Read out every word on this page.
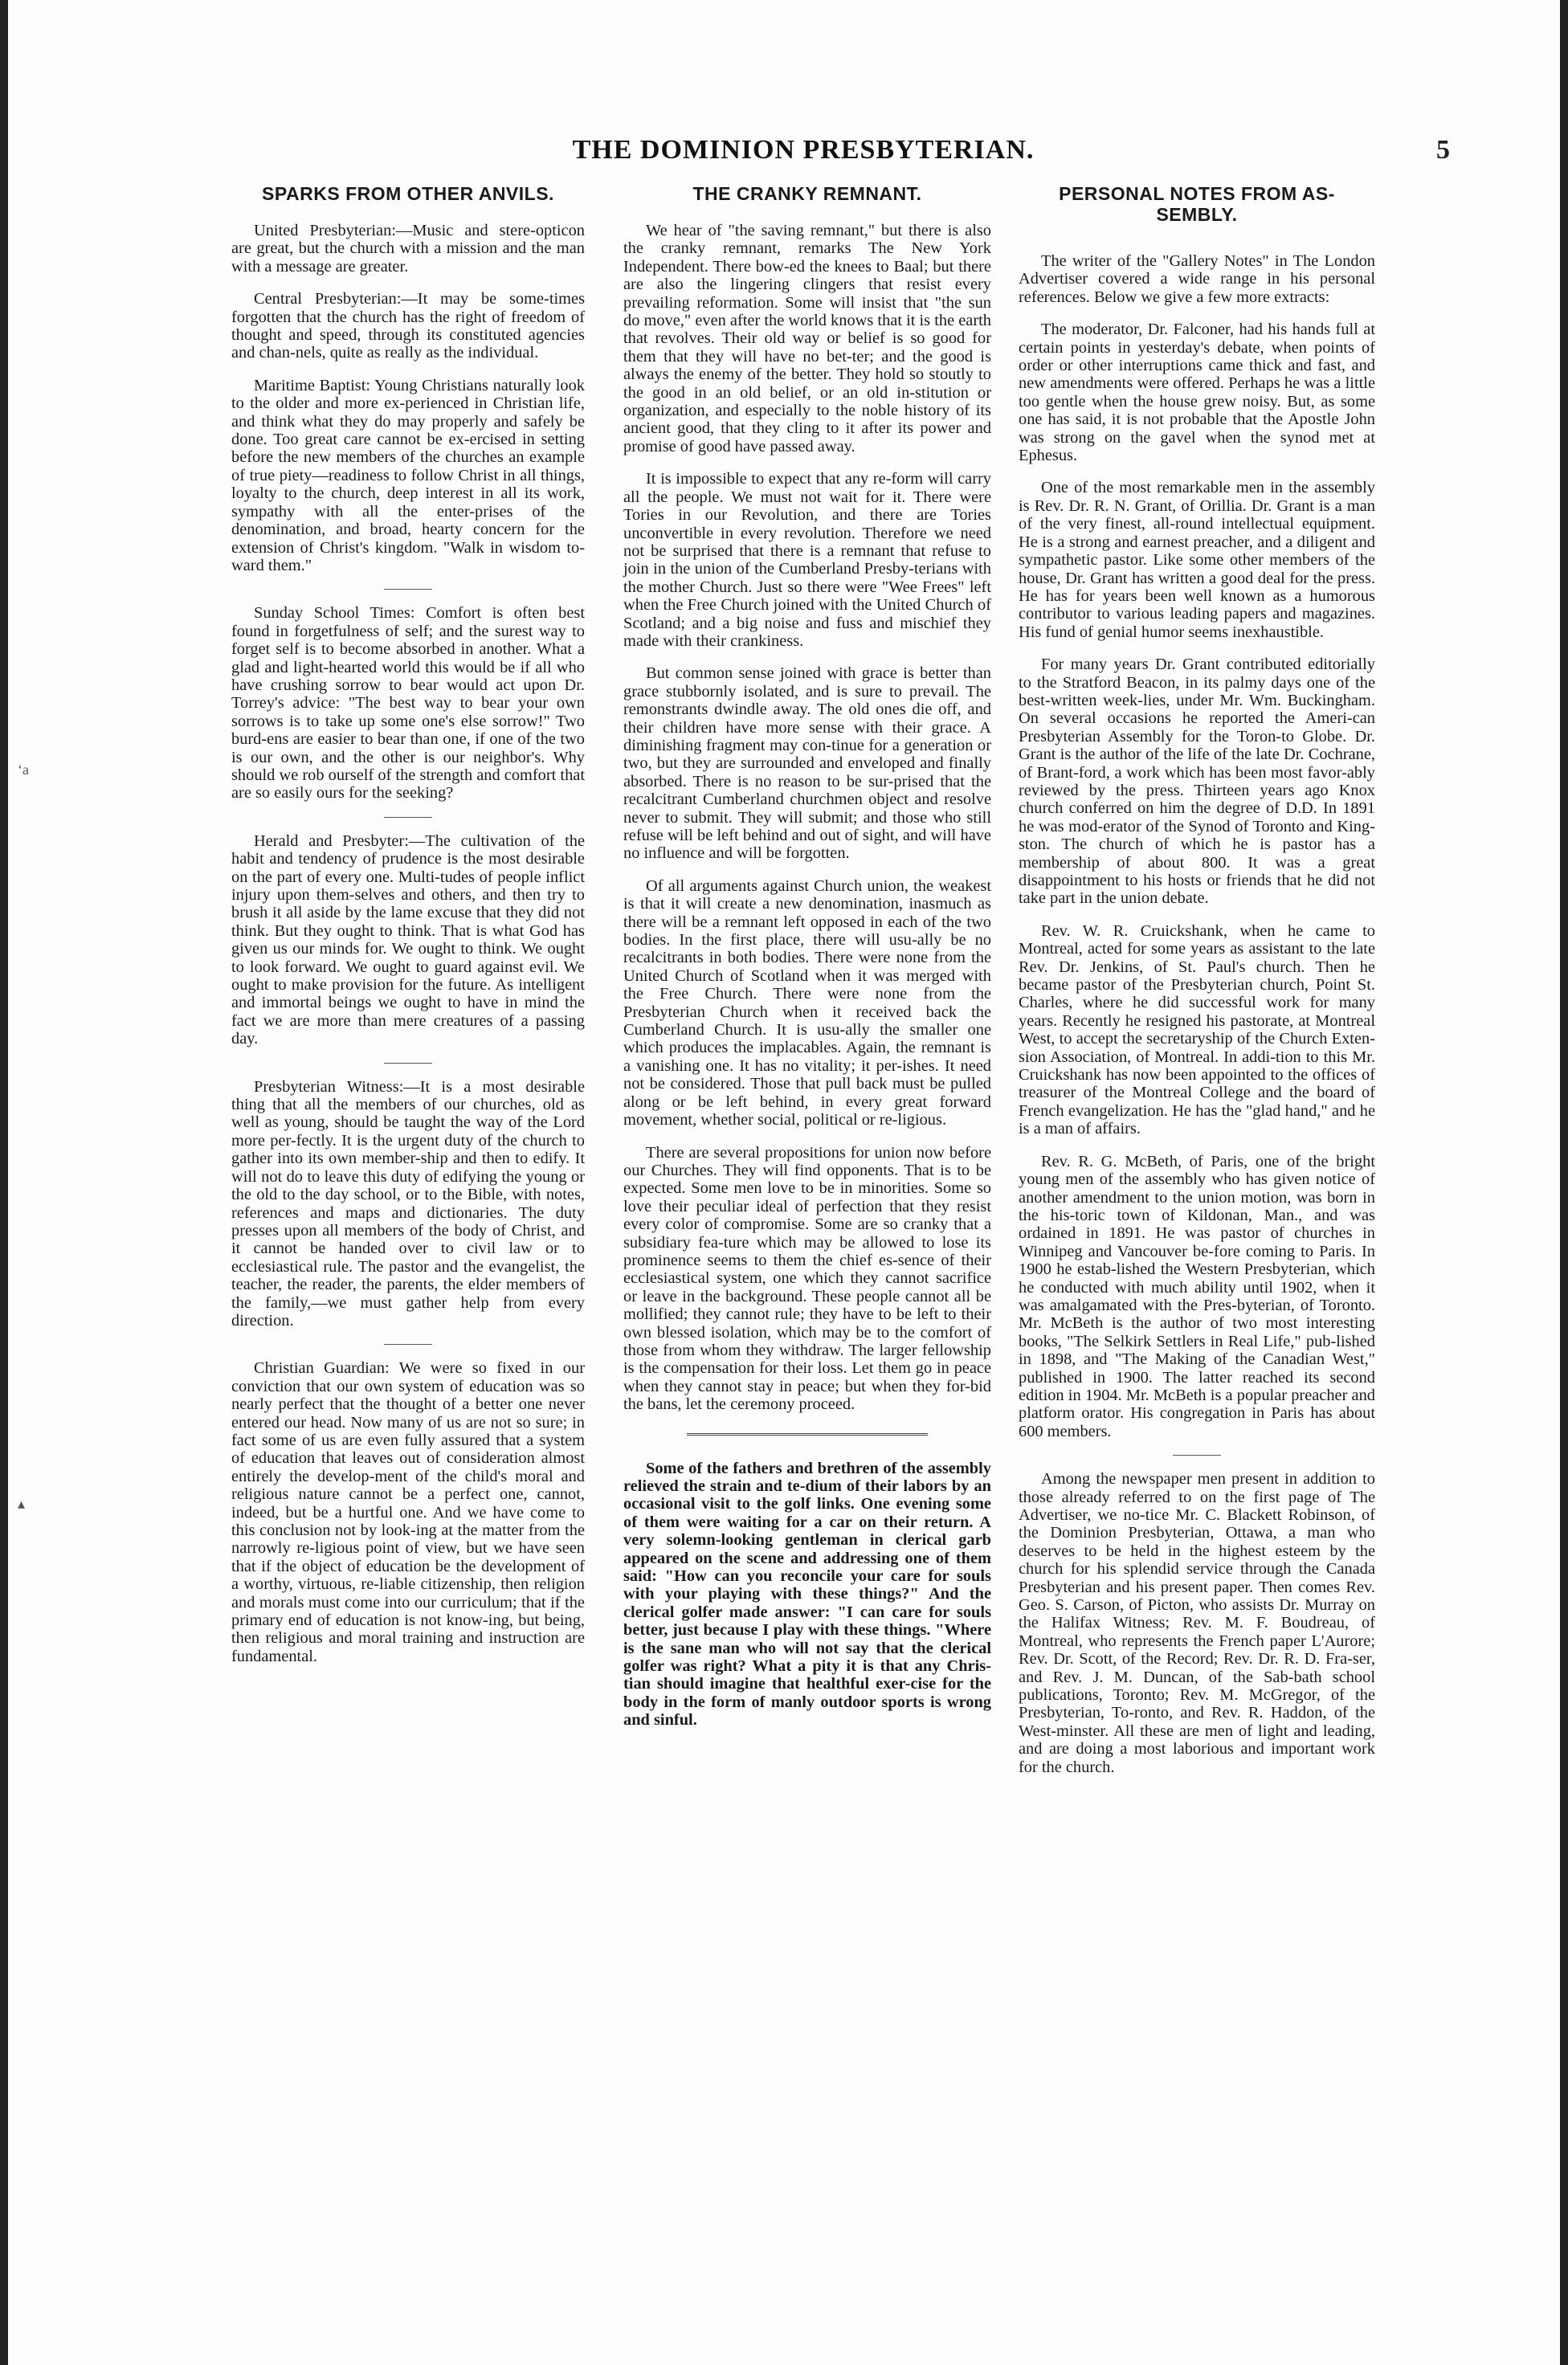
THE DOMINION PRESBYTERIAN.	5
ʻa
▴
SPARKS FROM OTHER ANVILS.

United Presbyterian:—Music and stere-opticon are great, but the church with a mission and the man with a message are greater.

Central Presbyterian:—It may be some-times forgotten that the church has the right of freedom of thought and speed, through its constituted agencies and chan-nels, quite as really as the individual.

Maritime Baptist: Young Christians naturally look to the older and more ex-perienced in Christian life, and think what they do may properly and safely be done. Too great care cannot be ex-ercised in setting before the new members of the churches an example of true piety—readiness to follow Christ in all things, loyalty to the church, deep interest in all its work, sympathy with all the enter-prises of the denomination, and broad, hearty concern for the extension of Christ's kingdom. "Walk in wisdom to-ward them."

Sunday School Times: Comfort is often best found in forgetfulness of self; and the surest way to forget self is to become absorbed in another. What a glad and light-hearted world this would be if all who have crushing sorrow to bear would act upon Dr. Torrey's advice: "The best way to bear your own sorrows is to take up some one's else sorrow!" Two burd-ens are easier to bear than one, if one of the two is our own, and the other is our neighbor's. Why should we rob ourself of the strength and comfort that are so easily ours for the seeking?

Herald and Presbyter:—The cultivation of the habit and tendency of prudence is the most desirable on the part of every one. Multi-tudes of people inflict injury upon them-selves and others, and then try to brush it all aside by the lame excuse that they did not think. But they ought to think. That is what God has given us our minds for. We ought to think. We ought to look forward. We ought to guard against evil. We ought to make provision for the future. As intelligent and immortal beings we ought to have in mind the fact we are more than mere creatures of a passing day.

Presbyterian Witness:—It is a most desirable thing that all the members of our churches, old as well as young, should be taught the way of the Lord more per-fectly. It is the urgent duty of the church to gather into its own member-ship and then to edify. It will not do to leave this duty of edifying the young or the old to the day school, or to the Bible, with notes, references and maps and dictionaries. The duty presses upon all members of the body of Christ, and it cannot be handed over to civil law or to ecclesiastical rule. The pastor and the evangelist, the teacher, the reader, the parents, the elder members of the family,—we must gather help from every direction.

Christian Guardian: We were so fixed in our conviction that our own system of education was so nearly perfect that the thought of a better one never entered our head. Now many of us are not so sure; in fact some of us are even fully assured that a system of education that leaves out of consideration almost entirely the develop-ment of the child's moral and religious nature cannot be a perfect one, cannot, indeed, but be a hurtful one. And we have come to this conclusion not by look-ing at the matter from the narrowly re-ligious point of view, but we have seen that if the object of education be the development of a worthy, virtuous, re-liable citizenship, then religion and morals must come into our curriculum; that if the primary end of education is not know-ing, but being, then religious and moral training and instruction are fundamental.

THE CRANKY REMNANT.

We hear of "the saving remnant," but there is also the cranky remnant, remarks The New York Independent. There bow-ed the knees to Baal; but there are also the lingering clingers that resist every prevailing reformation. Some will insist that "the sun do move," even after the world knows that it is the earth that revolves. Their old way or belief is so good for them that they will have no bet-ter; and the good is always the enemy of the better. They hold so stoutly to the good in an old belief, or an old in-stitution or organization, and especially to the noble history of its ancient good, that they cling to it after its power and promise of good have passed away.

It is impossible to expect that any re-form will carry all the people. We must not wait for it. There were Tories in our Revolution, and there are Tories unconvertible in every revolution. Therefore we need not be surprised that there is a remnant that refuse to join in the union of the Cumberland Presby-terians with the mother Church. Just so there were "Wee Frees" left when the Free Church joined with the United Church of Scotland; and a big noise and fuss and mischief they made with their crankiness.

But common sense joined with grace is better than grace stubbornly isolated, and is sure to prevail. The remonstrants dwindle away. The old ones die off, and their children have more sense with their grace. A diminishing fragment may con-tinue for a generation or two, but they are surrounded and enveloped and finally absorbed. There is no reason to be sur-prised that the recalcitrant Cumberland churchmen object and resolve never to submit. They will submit; and those who still refuse will be left behind and out of sight, and will have no influence and will be forgotten.

Of all arguments against Church union, the weakest is that it will create a new denomination, inasmuch as there will be a remnant left opposed in each of the two bodies. In the first place, there will usu-ally be no recalcitrants in both bodies. There were none from the United Church of Scotland when it was merged with the Free Church. There were none from the Presbyterian Church when it received back the Cumberland Church. It is usu-ally the smaller one which produces the implacables. Again, the remnant is a vanishing one. It has no vitality; it per-ishes. It need not be considered. Those that pull back must be pulled along or be left behind, in every great forward movement, whether social, political or re-ligious.

There are several propositions for union now before our Churches. They will find opponents. That is to be expected. Some men love to be in minorities. Some so love their peculiar ideal of perfection that they resist every color of compromise. Some are so cranky that a subsidiary fea-ture which may be allowed to lose its prominence seems to them the chief es-sence of their ecclesiastical system, one which they cannot sacrifice or leave in the background. These people cannot all be mollified; they cannot rule; they have to be left to their own blessed isolation, which may be to the comfort of those from whom they withdraw. The larger fellowship is the compensation for their loss. Let them go in peace when they cannot stay in peace; but when they for-bid the bans, let the ceremony proceed.

Some of the fathers and brethren of the assembly relieved the strain and te-dium of their labors by an occasional visit to the golf links. One evening some of them were waiting for a car on their return. A very solemn-looking gentleman in clerical garb appeared on the scene and addressing one of them said: "How can you reconcile your care for souls with your playing with these things?" And the clerical golfer made answer: "I can care for souls better, just because I play with these things. "Where is the sane man who will not say that the clerical golfer was right? What a pity it is that any Chris-tian should imagine that healthful exer-cise for the body in the form of manly outdoor sports is wrong and sinful.

PERSONAL NOTES FROM AS-SEMBLY.

The writer of the "Gallery Notes" in The London Advertiser covered a wide range in his personal references. Below we give a few more extracts:

The moderator, Dr. Falconer, had his hands full at certain points in yesterday's debate, when points of order or other interruptions came thick and fast, and new amendments were offered. Perhaps he was a little too gentle when the house grew noisy. But, as some one has said, it is not probable that the Apostle John was strong on the gavel when the synod met at Ephesus.

One of the most remarkable men in the assembly is Rev. Dr. R. N. Grant, of Orillia. Dr. Grant is a man of the very finest, all-round intellectual equipment. He is a strong and earnest preacher, and a diligent and sympathetic pastor. Like some other members of the house, Dr. Grant has written a good deal for the press. He has for years been well known as a humorous contributor to various leading papers and magazines. His fund of genial humor seems inexhaustible.

For many years Dr. Grant contributed editorially to the Stratford Beacon, in its palmy days one of the best-written week-lies, under Mr. Wm. Buckingham. On several occasions he reported the Ameri-can Presbyterian Assembly for the Toron-to Globe. Dr. Grant is the author of the life of the late Dr. Cochrane, of Brant-ford, a work which has been most favor-ably reviewed by the press. Thirteen years ago Knox church conferred on him the degree of D.D. In 1891 he was mod-erator of the Synod of Toronto and King-ston. The church of which he is pastor has a membership of about 800. It was a great disappointment to his hosts or friends that he did not take part in the union debate.

Rev. W. R. Cruickshank, when he came to Montreal, acted for some years as assistant to the late Rev. Dr. Jenkins, of St. Paul's church. Then he became pastor of the Presbyterian church, Point St. Charles, where he did successful work for many years. Recently he resigned his pastorate, at Montreal West, to accept the secretaryship of the Church Exten-sion Association, of Montreal. In addi-tion to this Mr. Cruickshank has now been appointed to the offices of treasurer of the Montreal College and the board of French evangelization. He has the "glad hand," and he is a man of affairs.

Rev. R. G. McBeth, of Paris, one of the bright young men of the assembly who has given notice of another amendment to the union motion, was born in the his-toric town of Kildonan, Man., and was ordained in 1891. He was pastor of churches in Winnipeg and Vancouver be-fore coming to Paris. In 1900 he estab-lished the Western Presbyterian, which he conducted with much ability until 1902, when it was amalgamated with the Pres-byterian, of Toronto. Mr. McBeth is the author of two most interesting books, "The Selkirk Settlers in Real Life," pub-lished in 1898, and "The Making of the Canadian West," published in 1900. The latter reached its second edition in 1904. Mr. McBeth is a popular preacher and platform orator. His congregation in Paris has about 600 members.

Among the newspaper men present in addition to those already referred to on the first page of The Advertiser, we no-tice Mr. C. Blackett Robinson, of the Dominion Presbyterian, Ottawa, a man who deserves to be held in the highest esteem by the church for his splendid service through the Canada Presbyterian and his present paper. Then comes Rev. Geo. S. Carson, of Picton, who assists Dr. Murray on the Halifax Witness; Rev. M. F. Boudreau, of Montreal, who represents the French paper L'Aurore; Rev. Dr. Scott, of the Record; Rev. Dr. R. D. Fra-ser, and Rev. J. M. Duncan, of the Sab-bath school publications, Toronto; Rev. M. McGregor, of the Presbyterian, To-ronto, and Rev. R. Haddon, of the West-minster. All these are men of light and leading, and are doing a most laborious and important work for the church.
